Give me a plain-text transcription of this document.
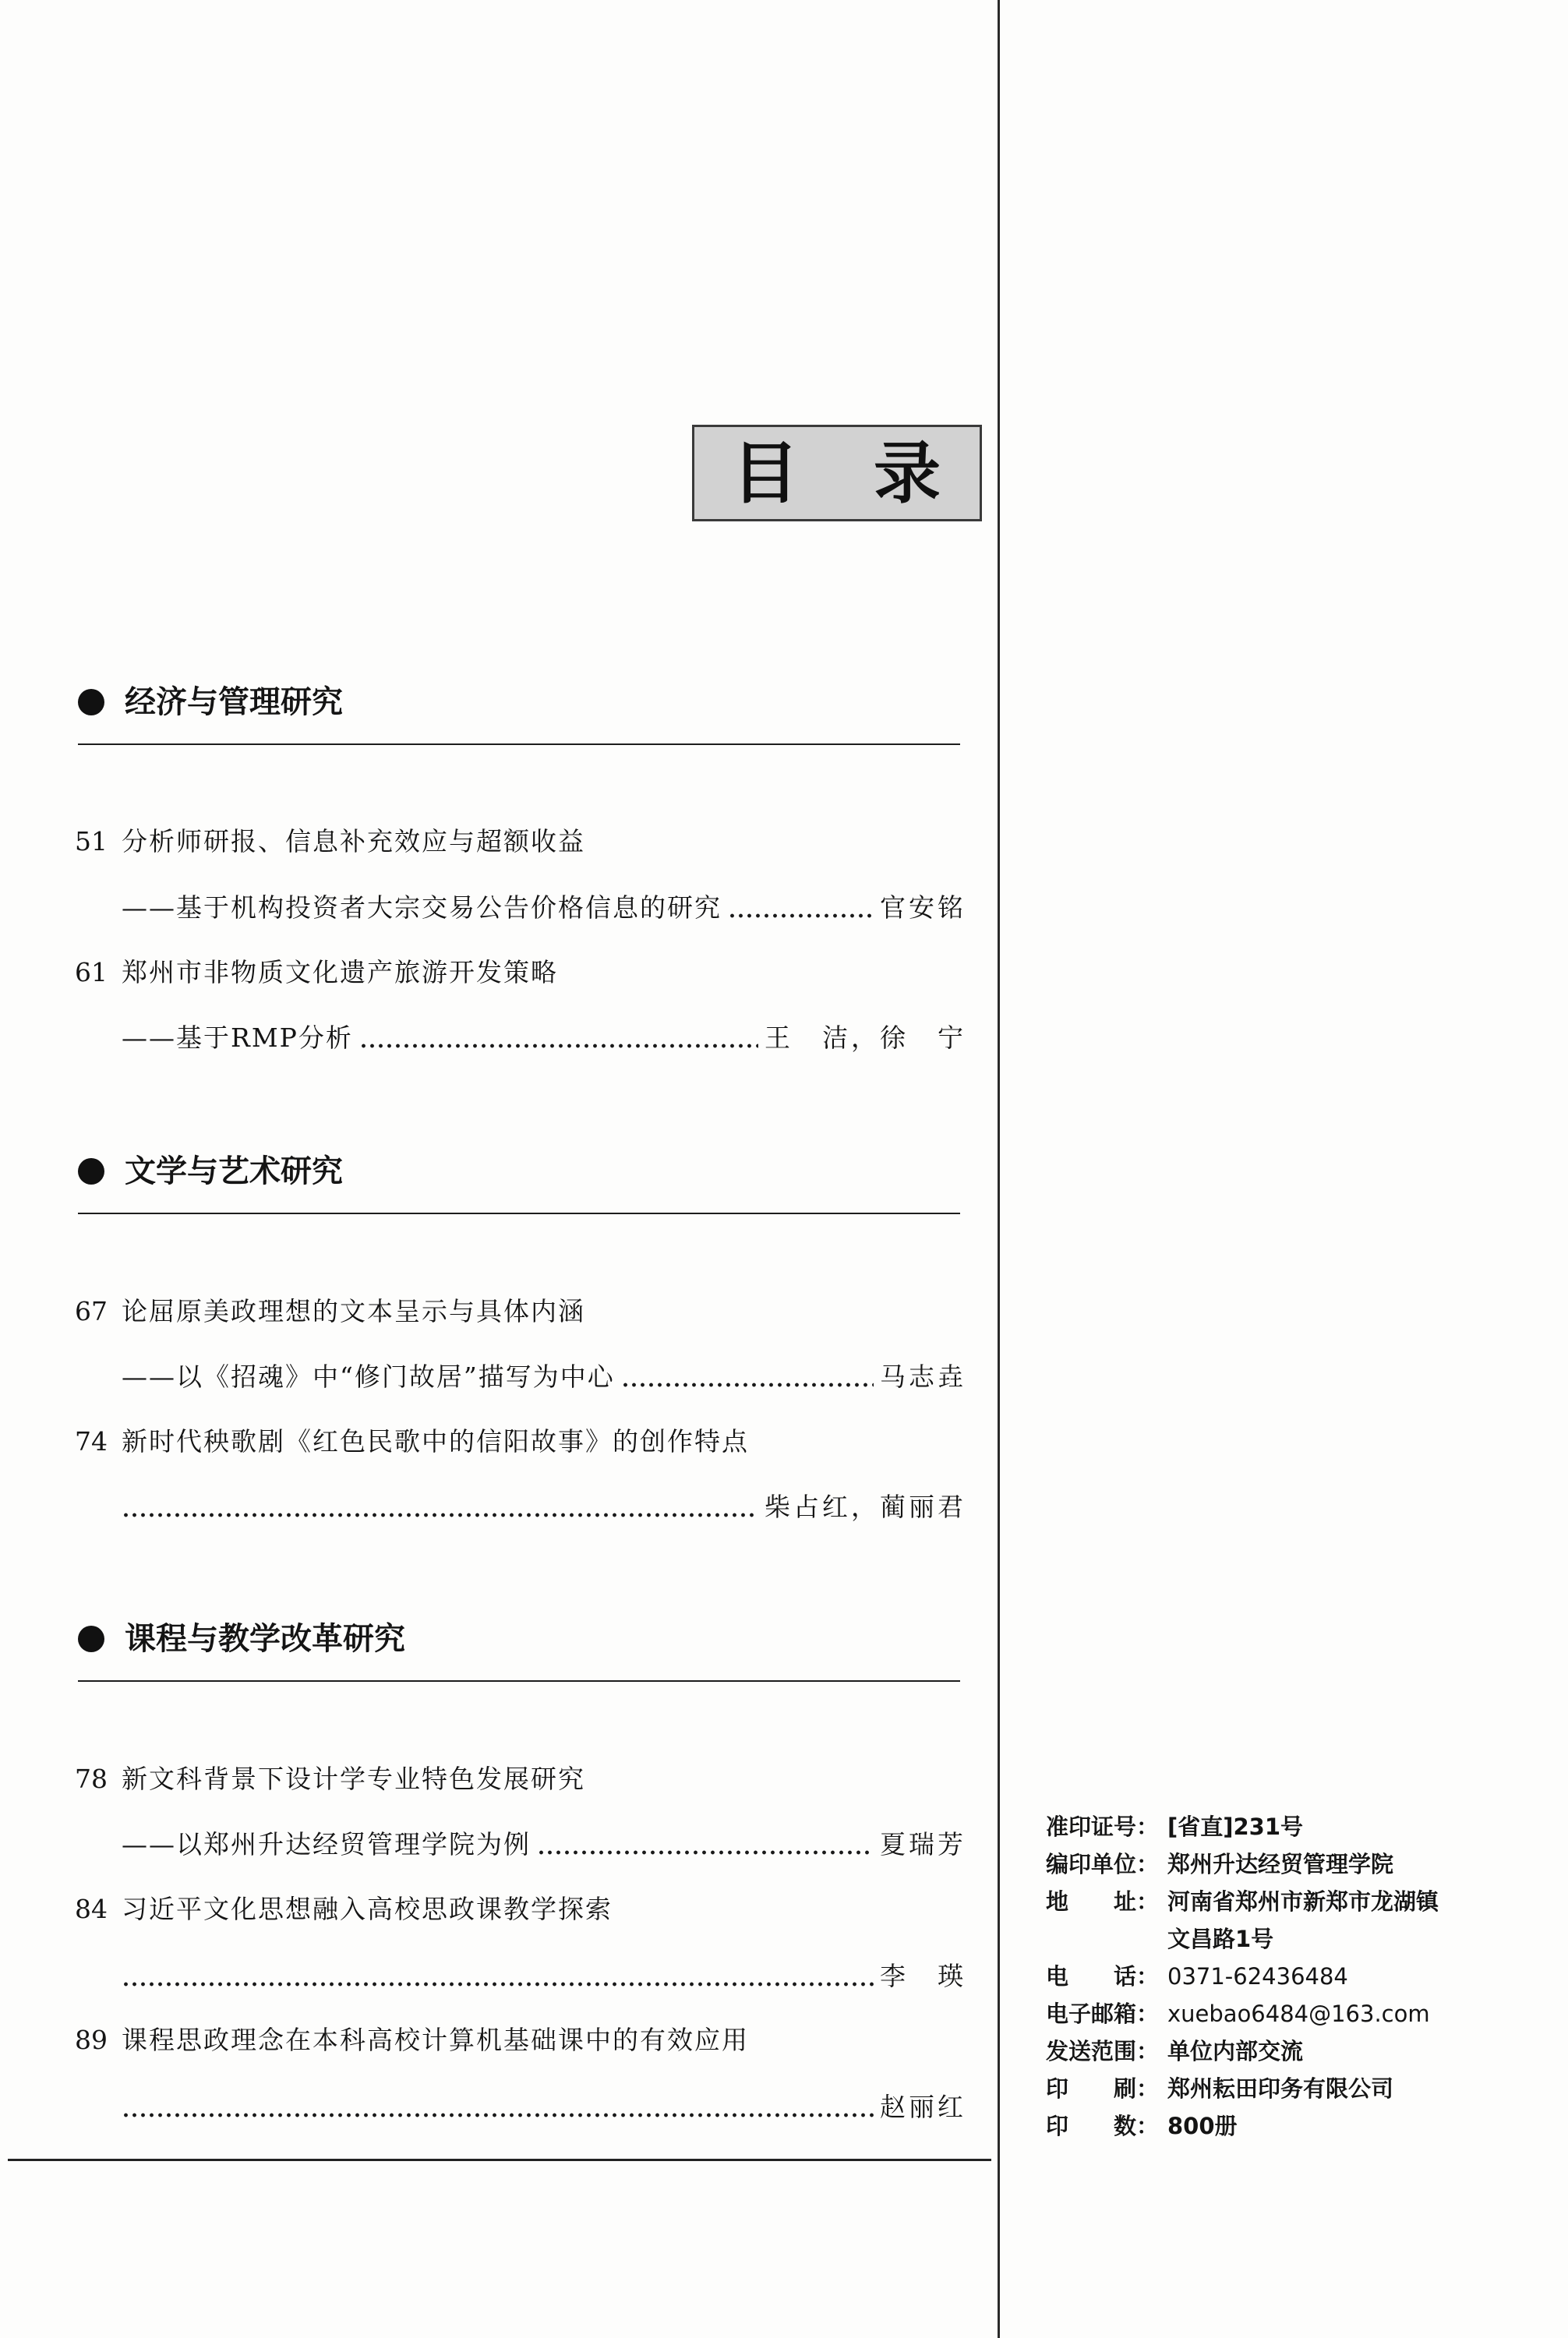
目 录
经济与管理研究
51 分析师研报、信息补充效应与超额收益
——基于机构投资者大宗交易公告价格信息的研究	官安铭
61 郑州市非物质文化遗产旅游开发策略
——基于RMP分析	王　洁，徐　宁
文学与艺术研究
67 论屈原美政理想的文本呈示与具体内涵
——以《招魂》中“修门故居”描写为中心	马志垚
74 新时代秧歌剧《红色民歌中的信阳故事》的创作特点
柴占红，蔺丽君
课程与教学改革研究
78 新文科背景下设计学专业特色发展研究
——以郑州升达经贸管理学院为例	夏瑞芳
84 习近平文化思想融入高校思政课教学探索
李　瑛
89 课程思政理念在本科高校计算机基础课中的有效应用
赵丽红
准印证号： [省直]231号
编印单位： 郑州升达经贸管理学院
地　　址： 河南省郑州市新郑市龙湖镇
文昌路1号
电　　话： 0371-62436484
电子邮箱： xuebao6484@163.com
发送范围： 单位内部交流
印　　刷： 郑州耘田印务有限公司
印　　数： 800册
